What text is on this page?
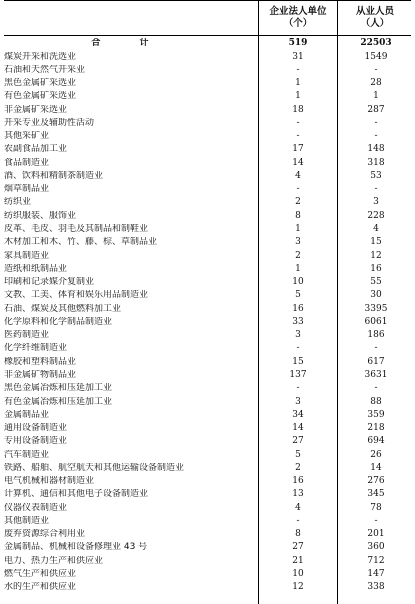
企业法人单位
（个）
从业人员
（人）
合 计	519	22503
煤炭开采和洗选业	31	1549
石油和天然气开采业	-	-
黑色金属矿采选业	1	28
有色金属矿采选业	1	1
非金属矿采选业	18	287
开采专业及辅助性活动	-	-
其他采矿业	-	-
农副食品加工业	17	148
食品制造业	14	318
酒、饮料和精制茶制造业	4	53
烟草制品业	-	-
纺织业	2	3
纺织服装、服饰业	8	228
皮革、毛皮、羽毛及其制品和制鞋业	1	4
木材加工和木、竹、藤、棕、草制品业	3	15
家具制造业	2	12
造纸和纸制品业	1	16
印刷和记录媒介复制业	10	55
文教、工美、体育和娱乐用品制造业	5	30
石油、煤炭及其他燃料加工业	16	3395
化学原料和化学制品制造业	33	6061
医药制造业	3	186
化学纤维制造业	-	-
橡胶和塑料制品业	15	617
非金属矿物制品业	137	3631
黑色金属冶炼和压延加工业	-	-
有色金属冶炼和压延加工业	3	88
金属制品业	34	359
通用设备制造业	14	218
专用设备制造业	27	694
汽车制造业	5	26
铁路、船舶、航空航天和其他运输设备制造业	2	14
电气机械和器材制造业	16	276
计算机、通信和其他电子设备制造业	13	345
仪器仪表制造业	4	78
其他制造业	-	-
废弃资源综合利用业	8	201
金属制品、机械和设备修理业 43 号	27	360
电力、热力生产和供应业	21	712
燃气生产和供应业	10	147
水的生产和供应业	12	338
